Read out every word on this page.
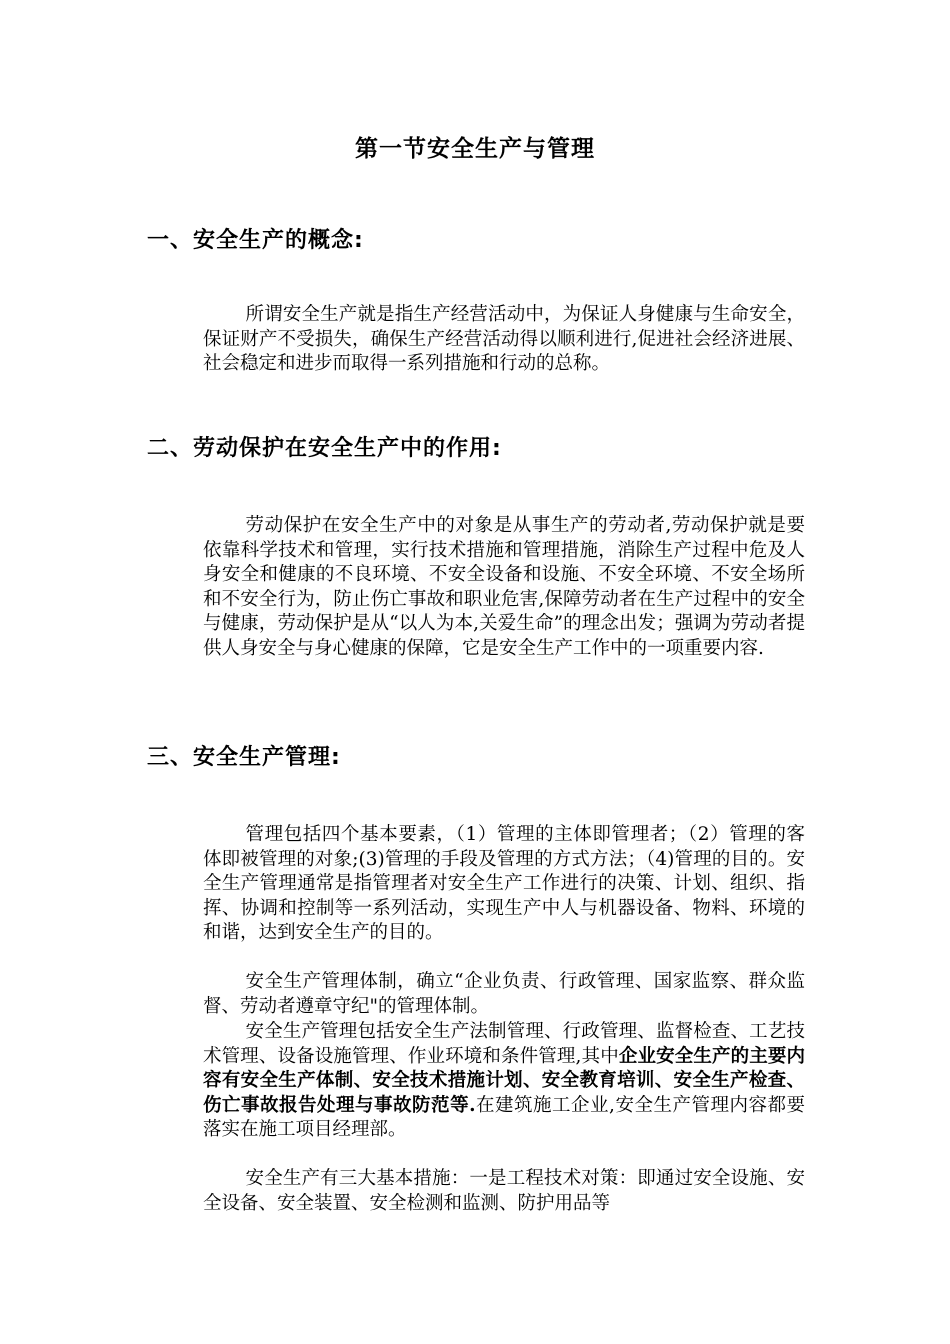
第一节安全生产与管理
一、安全生产的概念:

所谓安全生产就是指生产经营活动中，为保证人身健康与生命安全，保证财产不受损失，确保生产经营活动得以顺利进行,促进社会经济进展、社会稳定和进步而取得一系列措施和行动的总称。

二、劳动保护在安全生产中的作用:

劳动保护在安全生产中的对象是从事生产的劳动者,劳动保护就是要依靠科学技术和管理，实行技术措施和管理措施，消除生产过程中危及人身安全和健康的不良环境、不安全设备和设施、不安全环境、不安全场所和不安全行为，防止伤亡事故和职业危害,保障劳动者在生产过程中的安全与健康，劳动保护是从“以人为本,关爱生命”的理念出发；强调为劳动者提供人身安全与身心健康的保障，它是安全生产工作中的一项重要内容.

三、安全生产管理:

管理包括四个基本要素，（1）管理的主体即管理者；（2）管理的客体即被管理的对象;(3)管理的手段及管理的方式方法；（4)管理的目的。安全生产管理通常是指管理者对安全生产工作进行的决策、计划、组织、指挥、协调和控制等一系列活动，实现生产中人与机器设备、物料、环境的和谐，达到安全生产的目的。

安全生产管理体制，确立“企业负责、行政管理、国家监察、群众监督、劳动者遵章守纪"的管理体制。

安全生产管理包括安全生产法制管理、行政管理、监督检查、工艺技术管理、设备设施管理、作业环境和条件管理,其中企业安全生产的主要内容有安全生产体制、安全技术措施计划、安全教育培训、安全生产检查、伤亡事故报告处理与事故防范等.在建筑施工企业,安全生产管理内容都要落实在施工项目经理部。

安全生产有三大基本措施：一是工程技术对策：即通过安全设施、安全设备、安全装置、安全检测和监测、防护用品等
